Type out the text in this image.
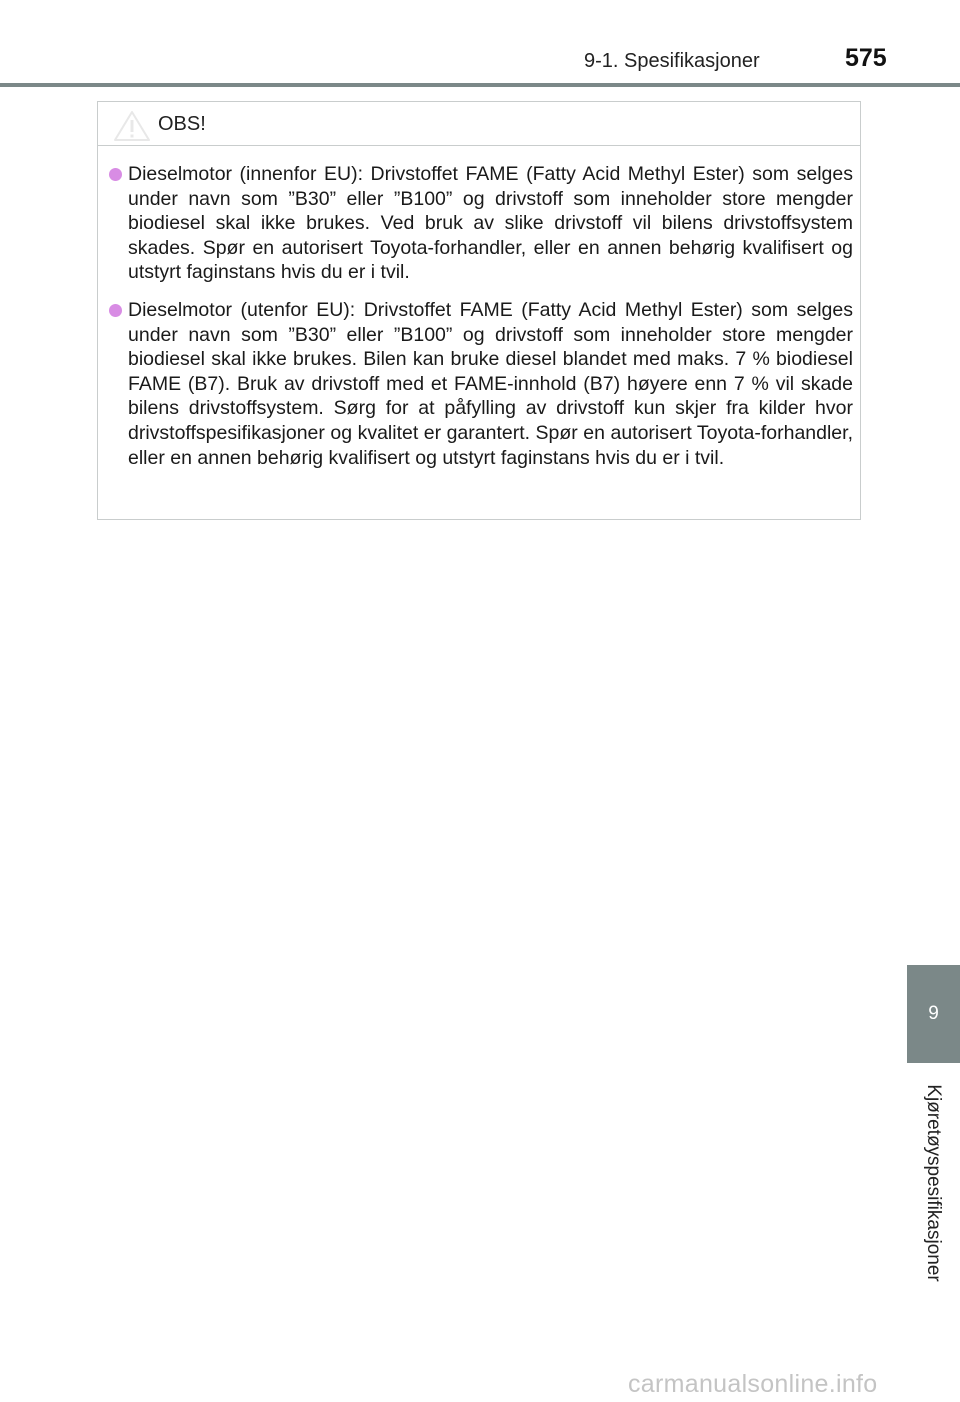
9-1. Spesifikasjoner	575
OBS!
Dieselmotor (innenfor EU): Drivstoffet FAME (Fatty Acid Methyl Ester) som selges under navn som ”B30” eller ”B100” og drivstoff som inneholder store mengder biodiesel skal ikke brukes. Ved bruk av slike drivstoff vil bilens drivstoffsystem skades. Spør en autorisert Toyota-forhandler, eller en annen behørig kvalifisert og utstyrt faginstans hvis du er i tvil.
Dieselmotor (utenfor EU): Drivstoffet FAME (Fatty Acid Methyl Ester) som selges under navn som ”B30” eller ”B100” og drivstoff som inneholder store mengder biodiesel skal ikke brukes. Bilen kan bruke diesel blandet med maks. 7 % biodiesel FAME (B7). Bruk av drivstoff med et FAME-innhold (B7) høyere enn 7 % vil skade bilens drivstoffsystem. Sørg for at påfylling av drivstoff kun skjer fra kilder hvor drivstoffspesifikasjoner og kvalitet er garantert. Spør en autorisert Toyota-forhandler, eller en annen behørig kvalifisert og utstyrt faginstans hvis du er i tvil.
9
Kjøretøyspesifikasjoner
carmanualsonline.info
